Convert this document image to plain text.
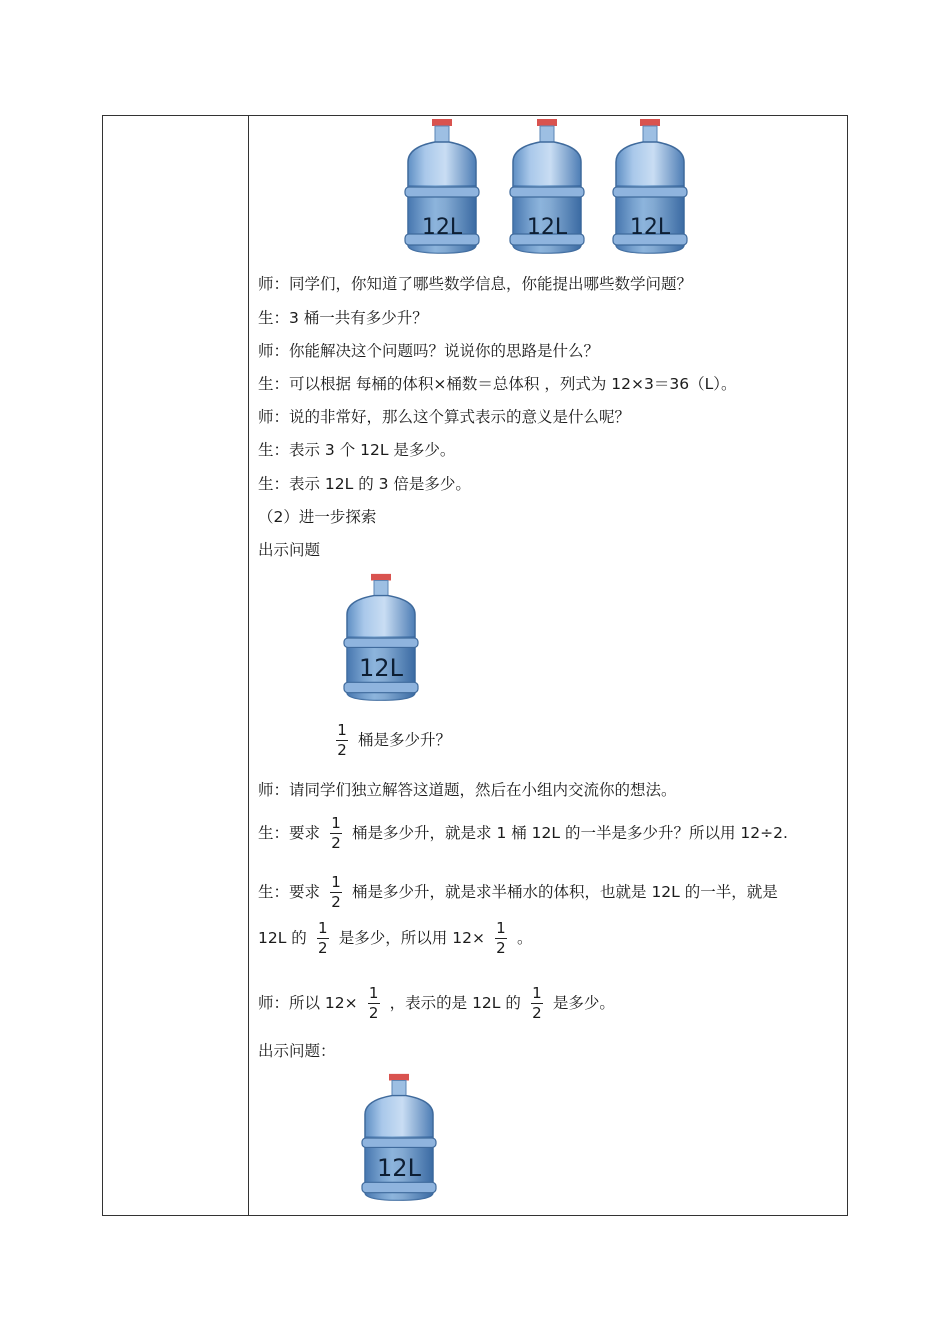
12L	12L	12L
师：同学们，你知道了哪些数学信息，你能提出哪些数学问题？
生：3 桶一共有多少升？
师：你能解决这个问题吗？说说你的思路是什么？
生：可以根据 每桶的体积×桶数＝总体积 ，列式为 12×3＝36（L）。
师：说的非常好，那么这个算式表示的意义是什么呢？
生：表示 3 个 12L 是多少。
生：表示 12L 的 3 倍是多少。
（2）进一步探索
出示问题
12L
$\frac{1}{2}$ 桶是多少升？
师：请同学们独立解答这道题，然后在小组内交流你的想法。
生：要求 $\frac{1}{2}$ 桶是多少升，就是求 1 桶 12L 的一半是多少升？所以用 12÷2.
生：要求 $\frac{1}{2}$ 桶是多少升，就是求半桶水的体积，也就是 12L 的一半，就是
12L 的 $\frac{1}{2}$ 是多少，所以用 $12\times \frac{1}{2}$ 。
师：所以 $12\times \frac{1}{2}$ ，表示的是 12L 的 $\frac{1}{2}$ 是多少。
出示问题：
12L
